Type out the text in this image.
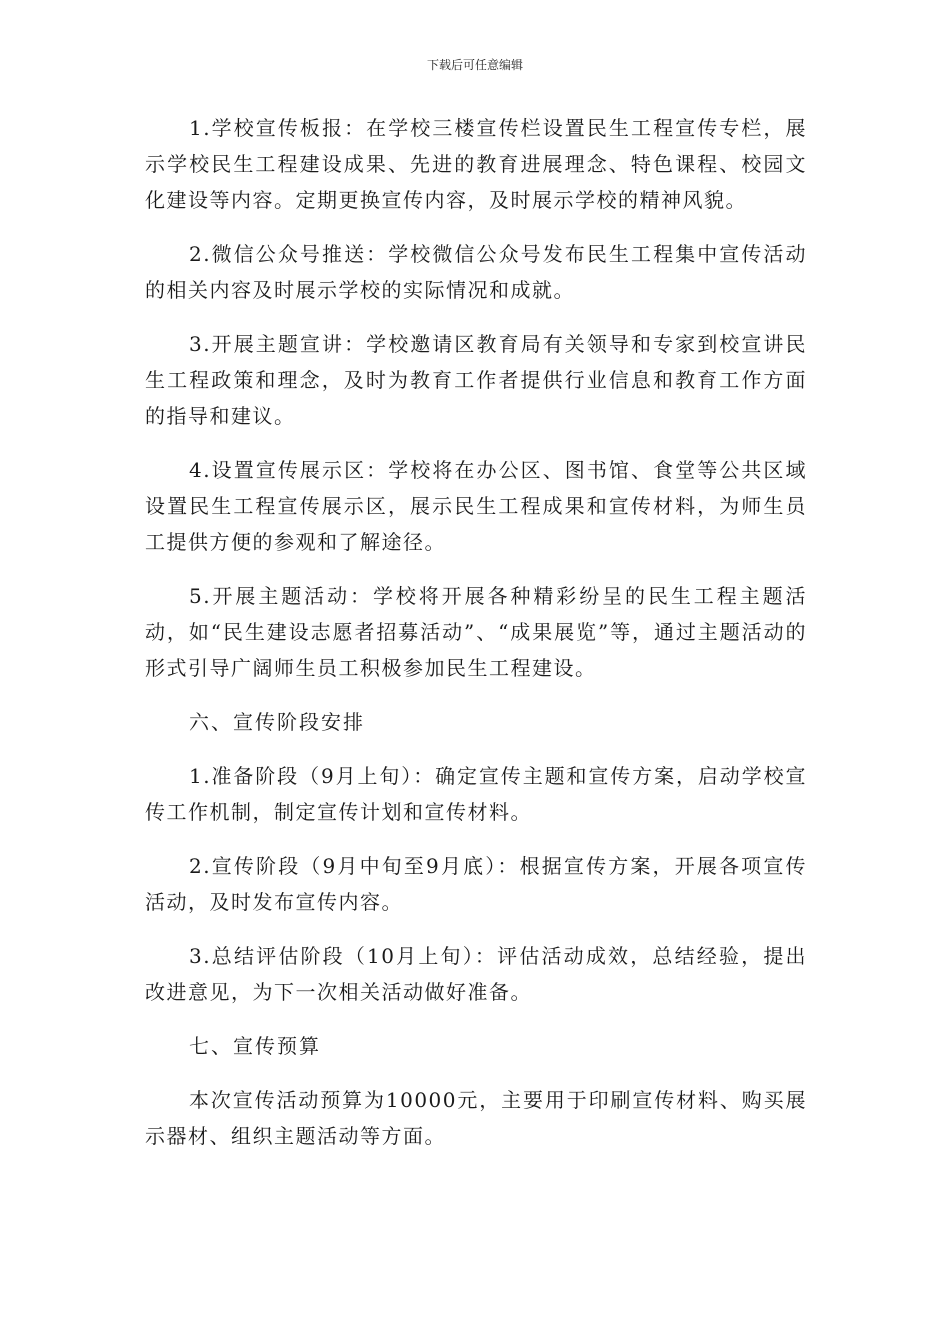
下载后可任意编辑

1.学校宣传板报：在学校三楼宣传栏设置民生工程宣传专栏，展示学校民生工程建设成果、先进的教育进展理念、特色课程、校园文化建设等内容。定期更换宣传内容，及时展示学校的精神风貌。

2.微信公众号推送：学校微信公众号发布民生工程集中宣传活动的相关内容及时展示学校的实际情况和成就。

3.开展主题宣讲：学校邀请区教育局有关领导和专家到校宣讲民生工程政策和理念，及时为教育工作者提供行业信息和教育工作方面的指导和建议。

4.设置宣传展示区：学校将在办公区、图书馆、食堂等公共区域设置民生工程宣传展示区，展示民生工程成果和宣传材料，为师生员工提供方便的参观和了解途径。

5.开展主题活动：学校将开展各种精彩纷呈的民生工程主题活动，如“民生建设志愿者招募活动”、“成果展览”等，通过主题活动的形式引导广阔师生员工积极参加民生工程建设。

六、宣传阶段安排

1.准备阶段（9月上旬）：确定宣传主题和宣传方案，启动学校宣传工作机制，制定宣传计划和宣传材料。

2.宣传阶段（9月中旬至9月底）：根据宣传方案，开展各项宣传活动，及时发布宣传内容。

3.总结评估阶段（10月上旬）：评估活动成效，总结经验，提出改进意见，为下一次相关活动做好准备。

七、宣传预算

本次宣传活动预算为10000元，主要用于印刷宣传材料、购买展示器材、组织主题活动等方面。
